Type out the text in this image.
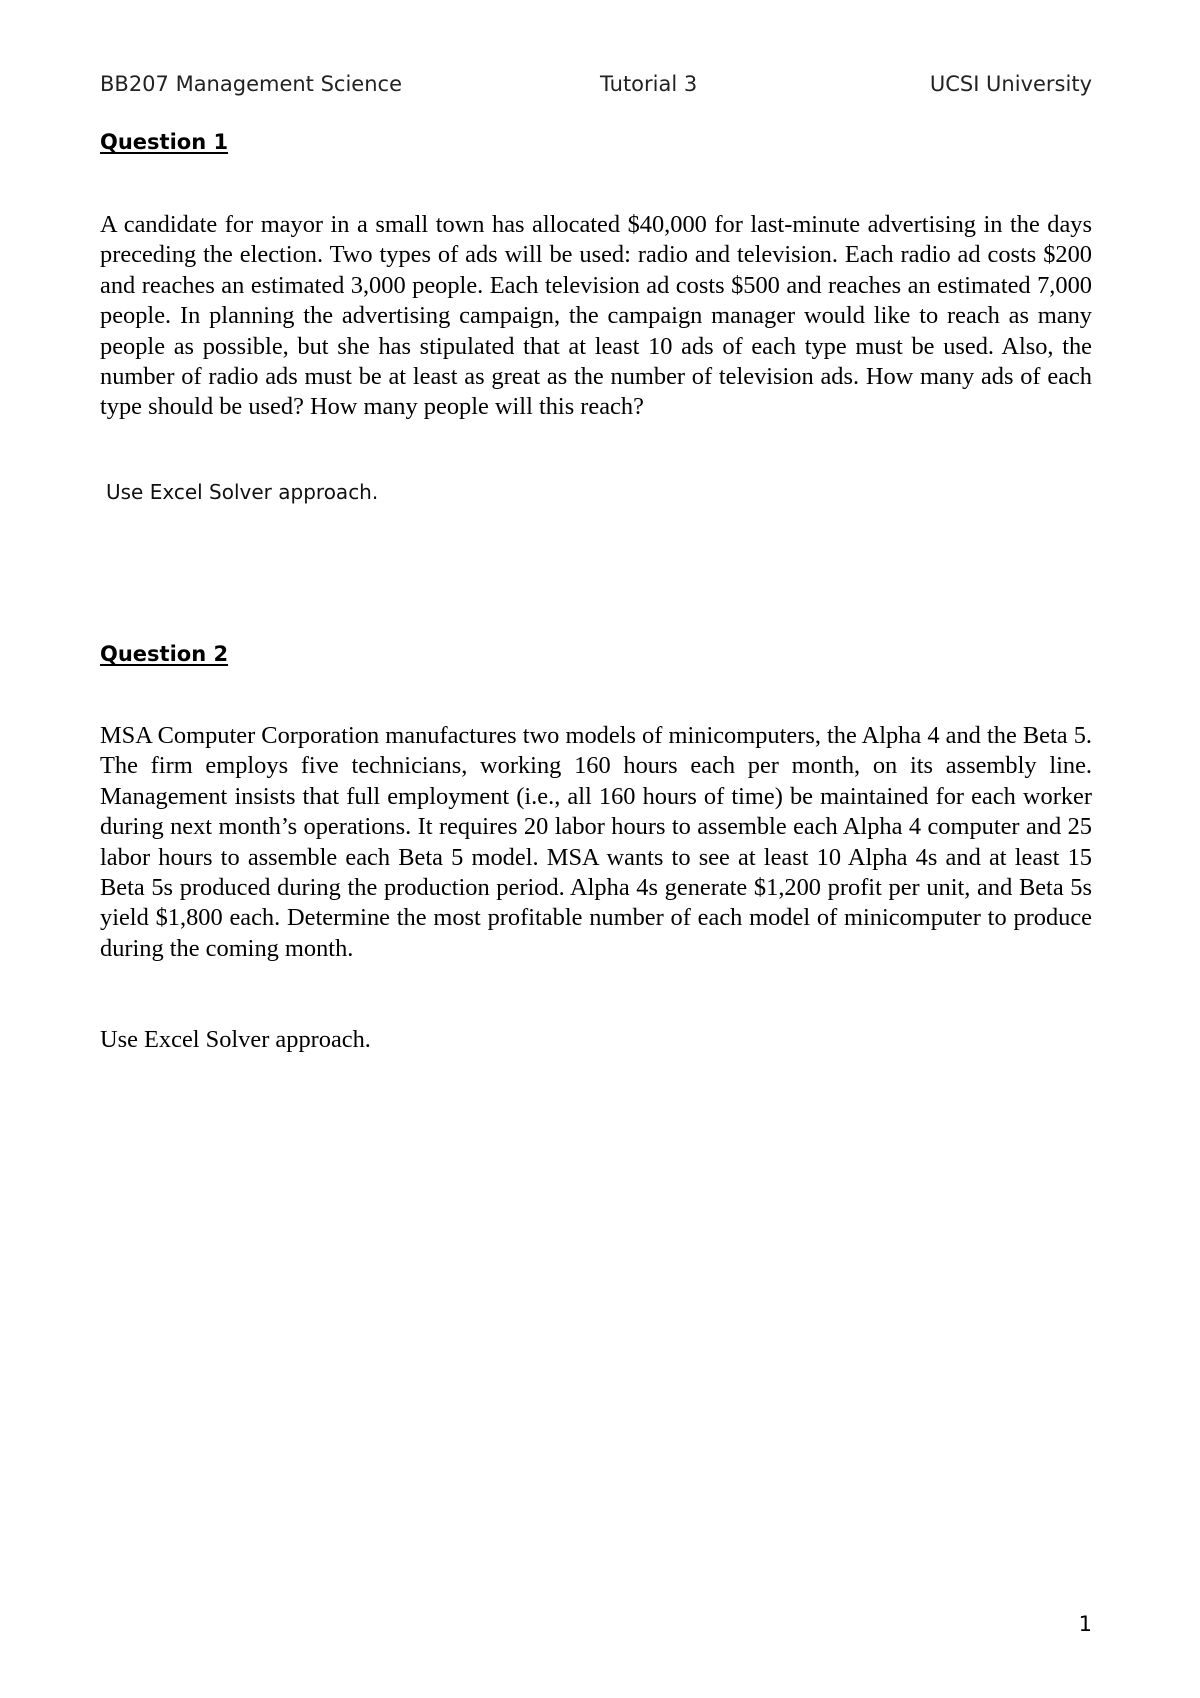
BB207 Management Science	Tutorial 3	UCSI University
Question 1

A candidate for mayor in a small town has allocated $40,000 for last-minute advertising in the days preceding the election. Two types of ads will be used: radio and television. Each radio ad costs $200 and reaches an estimated 3,000 people. Each television ad costs $500 and reaches an estimated 7,000 people. In planning the advertising campaign, the campaign manager would like to reach as many people as possible, but she has stipulated that at least 10 ads of each type must be used. Also, the number of radio ads must be at least as great as the number of television ads. How many ads of each type should be used? How many people will this reach?

Use Excel Solver approach.

Question 2

MSA Computer Corporation manufactures two models of minicomputers, the Alpha 4 and the Beta 5. The firm employs five technicians, working 160 hours each per month, on its assembly line. Management insists that full employment (i.e., all 160 hours of time) be maintained for each worker during next month’s operations. It requires 20 labor hours to assemble each Alpha 4 computer and 25 labor hours to assemble each Beta 5 model. MSA wants to see at least 10 Alpha 4s and at least 15 Beta 5s produced during the production period. Alpha 4s generate $1,200 profit per unit, and Beta 5s yield $1,800 each. Determine the most profitable number of each model of minicomputer to produce during the coming month.

Use Excel Solver approach.

1
